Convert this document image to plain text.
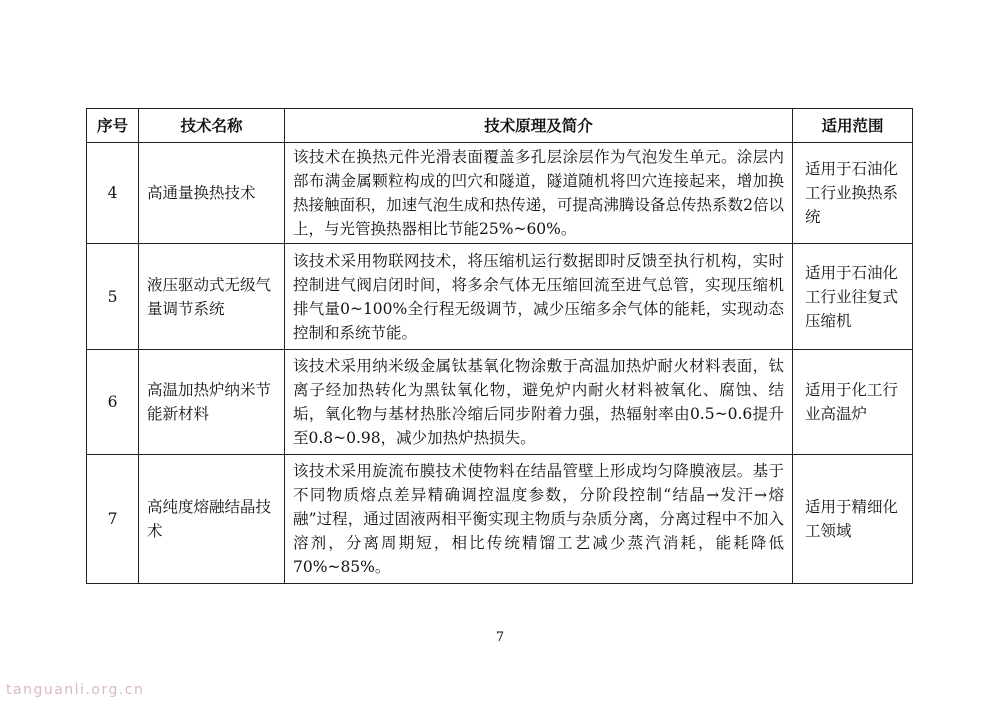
序号	技术名称	技术原理及简介	适用范围
4	高通量换热技术	该技术在换热元件光滑表面覆盖多孔层涂层作为气泡发生单元。涂层内部布满金属颗粒构成的凹穴和隧道，隧道随机将凹穴连接起来，增加换热接触面积，加速气泡生成和热传递，可提高沸腾设备总传热系数2倍以上，与光管换热器相比节能25%~60%。	适用于石油化工行业换热系统
5	液压驱动式无级气量调节系统	该技术采用物联网技术，将压缩机运行数据即时反馈至执行机构，实时控制进气阀启闭时间，将多余气体无压缩回流至进气总管，实现压缩机排气量0~100%全行程无级调节，减少压缩多余气体的能耗，实现动态控制和系统节能。	适用于石油化工行业往复式压缩机
6	高温加热炉纳米节能新材料	该技术采用纳米级金属钛基氧化物涂敷于高温加热炉耐火材料表面，钛离子经加热转化为黑钛氧化物，避免炉内耐火材料被氧化、腐蚀、结垢，氧化物与基材热胀冷缩后同步附着力强，热辐射率由0.5~0.6提升至0.8~0.98，减少加热炉热损失。	适用于化工行业高温炉
7	高纯度熔融结晶技术	该技术采用旋流布膜技术使物料在结晶管壁上形成均匀降膜液层。基于不同物质熔点差异精确调控温度参数，分阶段控制“结晶→发汗→熔融”过程，通过固液两相平衡实现主物质与杂质分离，分离过程中不加入溶剂，分离周期短，相比传统精馏工艺减少蒸汽消耗，能耗降低70%~85%。	适用于精细化工领域
7
tanguanli.org.cn
